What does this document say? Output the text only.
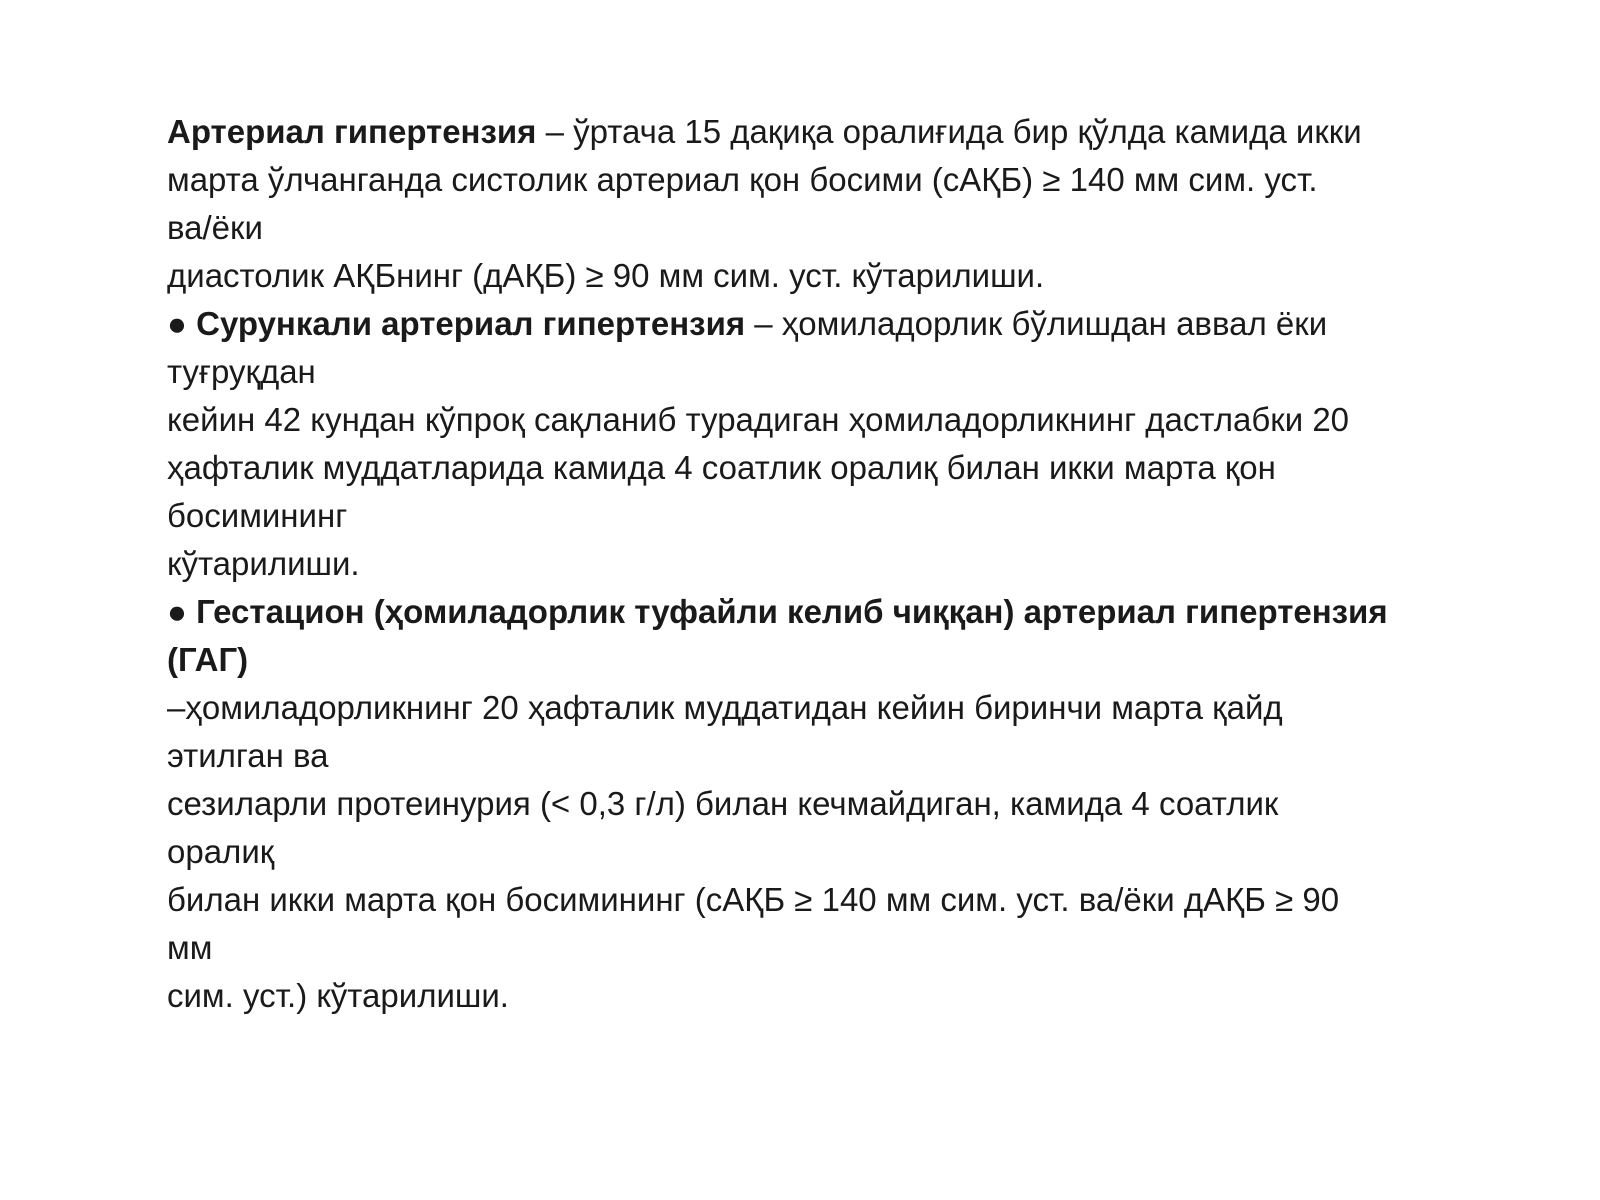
Артериал гипертензия – ўртача 15 дақиқа оралиғида бир қўлда камида икки
марта ўлчанганда систолик артериал қон босими (сАҚБ) ≥ 140 мм сим. уст.
ва/ёки
диастолик АҚБнинг (дАҚБ) ≥ 90 мм сим. уст. кўтарилиши.
● Сурункали артериал гипертензия – ҳомиладорлик бўлишдан аввал ёки
туғруқдан
кейин 42 кундан кўпроқ сақланиб турадиган ҳомиладорликнинг дастлабки 20
ҳафталик муддатларида камида 4 соатлик оралиқ билан икки марта қон
босимининг
кўтарилиши.
● Гестацион (ҳомиладорлик туфайли келиб чиққан) артериал гипертензия
(ГАГ)
–ҳомиладорликнинг 20 ҳафталик муддатидан кейин биринчи марта қайд
этилган ва
сезиларли протеинурия (< 0,3 г/л) билан кечмайдиган, камида 4 соатлик
оралиқ
билан икки марта қон босимининг (сАҚБ ≥ 140 мм сим. уст. ва/ёки дАҚБ ≥ 90
мм
сим. уст.) кўтарилиши.
